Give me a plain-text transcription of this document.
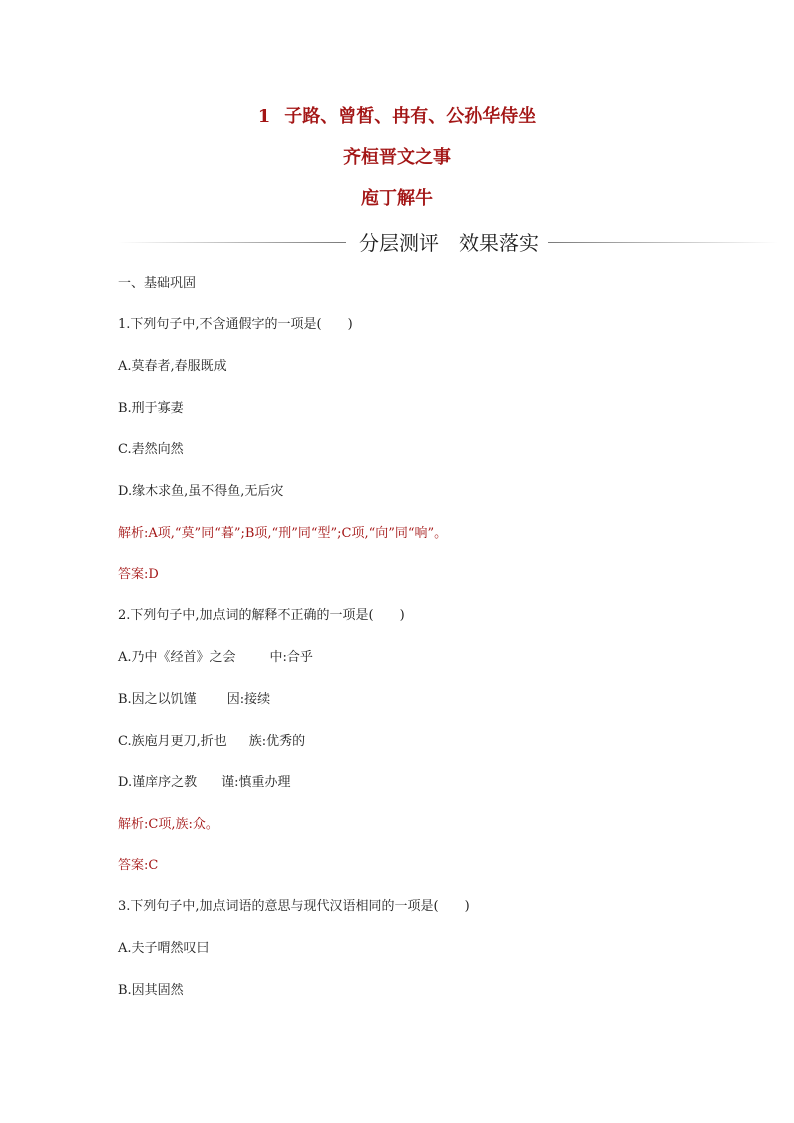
1 子路、曾皙、冉有、公孙华侍坐
齐桓晋文之事
庖丁解牛
分层测评 效果落实
一、基础巩固
1.下列句子中,不含通假字的一项是(　　)
A.莫春者,春服既成
B.刑于寡妻
C.砉然向然
D.缘木求鱼,虽不得鱼,无后灾
解析:A项,“莫”同“暮”;B项,“刑”同“型”;C项,“向”同“响”。
答案:D
2.下列句子中,加点词的解释不正确的一项是(　　)
A.乃中《经首》之会	中:合乎
B.因之以饥馑 因:接续
C.族庖月更刀,折也 族:优秀的
D.谨庠序之教 谨:慎重办理
解析:C项,族:众。
答案:C
3.下列句子中,加点词语的意思与现代汉语相同的一项是(　　)
A.夫子喟然叹曰
B.因其固然
